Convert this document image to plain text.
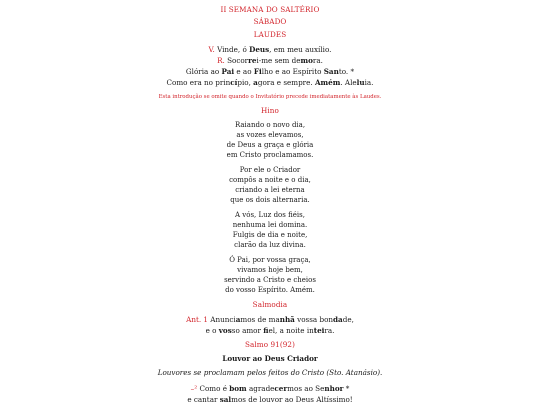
II SEMANA DO SALTÉRIO
SÁBADO
LAUDES
V. Vinde, ó Deus, em meu auxílio.
R. Socorrei-me sem demora.
Glória ao Pai e ao Filho e ao Espírito Santo. *
Como era no princípio, agora e sempre. Amém. Aleluia.
Esta introdução se omite quando o Invitatório precede imediatamente às Laudes.
Hino
Raiando o novo dia,
as vozes elevamos,
de Deus a graça e glória
em Cristo proclamamos.
Por ele o Criador
compôs a noite e o dia,
criando a lei eterna
que os dois alternaria.
A vós, Luz dos fiéis,
nenhuma lei domina.
Fulgis de dia e noite,
clarão da luz divina.
Ó Pai, por vossa graça,
vivamos hoje bem,
servindo a Cristo e cheios
do vosso Espírito. Amém.
Salmodia
Ant. 1 Anunciamos de manhã vossa bondade,
e o vosso amor fiel, a noite inteira.
Salmo 91(92)
Louvor ao Deus Criador
Louvores se proclamam pelos feitos do Cristo (Sto. Atanásio).
–² Como é bom agradecermos ao Senhor *
e cantar salmos de louvor ao Deus Altíssimo!
